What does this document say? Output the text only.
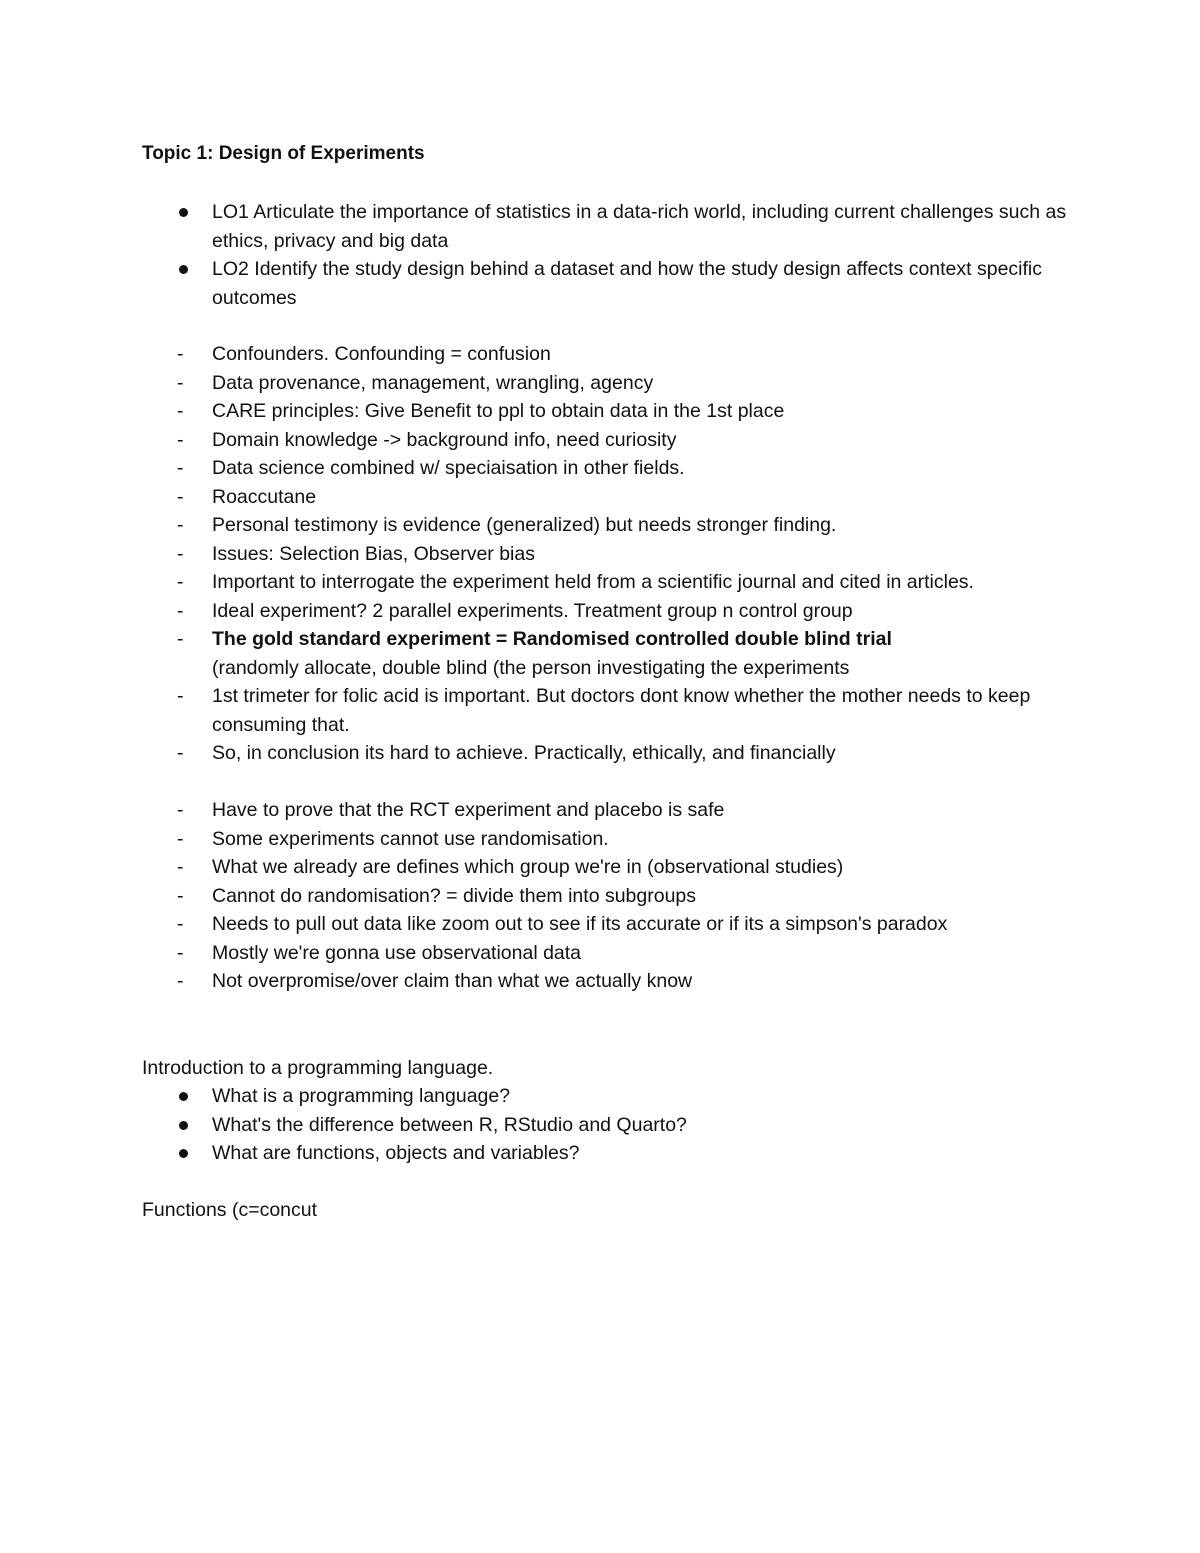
Topic 1: Design of Experiments
LO1 Articulate the importance of statistics in a data-rich world, including current challenges such as ethics, privacy and big data
LO2 Identify the study design behind a dataset and how the study design affects context specific outcomes
- Confounders. Confounding = confusion
- Data provenance, management, wrangling, agency
- CARE principles: Give Benefit to ppl to obtain data in the 1st place
- Domain knowledge -> background info, need curiosity
- Data science combined w/ speciaisation in other fields.
- Roaccutane
- Personal testimony is evidence (generalized) but needs stronger finding.
- Issues: Selection Bias, Observer bias
- Important to interrogate the experiment held from a scientific journal and cited in articles.
- Ideal experiment? 2 parallel experiments. Treatment group n control group
- The gold standard experiment = Randomised controlled double blind trial
(randomly allocate, double blind (the person investigating the experiments
- 1st trimeter for folic acid is important. But doctors dont know whether the mother needs to keep consuming that.
- So, in conclusion its hard to achieve. Practically, ethically, and financially
- Have to prove that the RCT experiment and placebo is safe
- Some experiments cannot use randomisation.
- What we already are defines which group we're in (observational studies)
- Cannot do randomisation? = divide them into subgroups
- Needs to pull out data like zoom out to see if its accurate or if its a simpson's paradox
- Mostly we're gonna use observational data
- Not overpromise/over claim than what we actually know
Introduction to a programming language.
What is a programming language?
What's the difference between R, RStudio and Quarto?
What are functions, objects and variables?
Functions (c=concut
